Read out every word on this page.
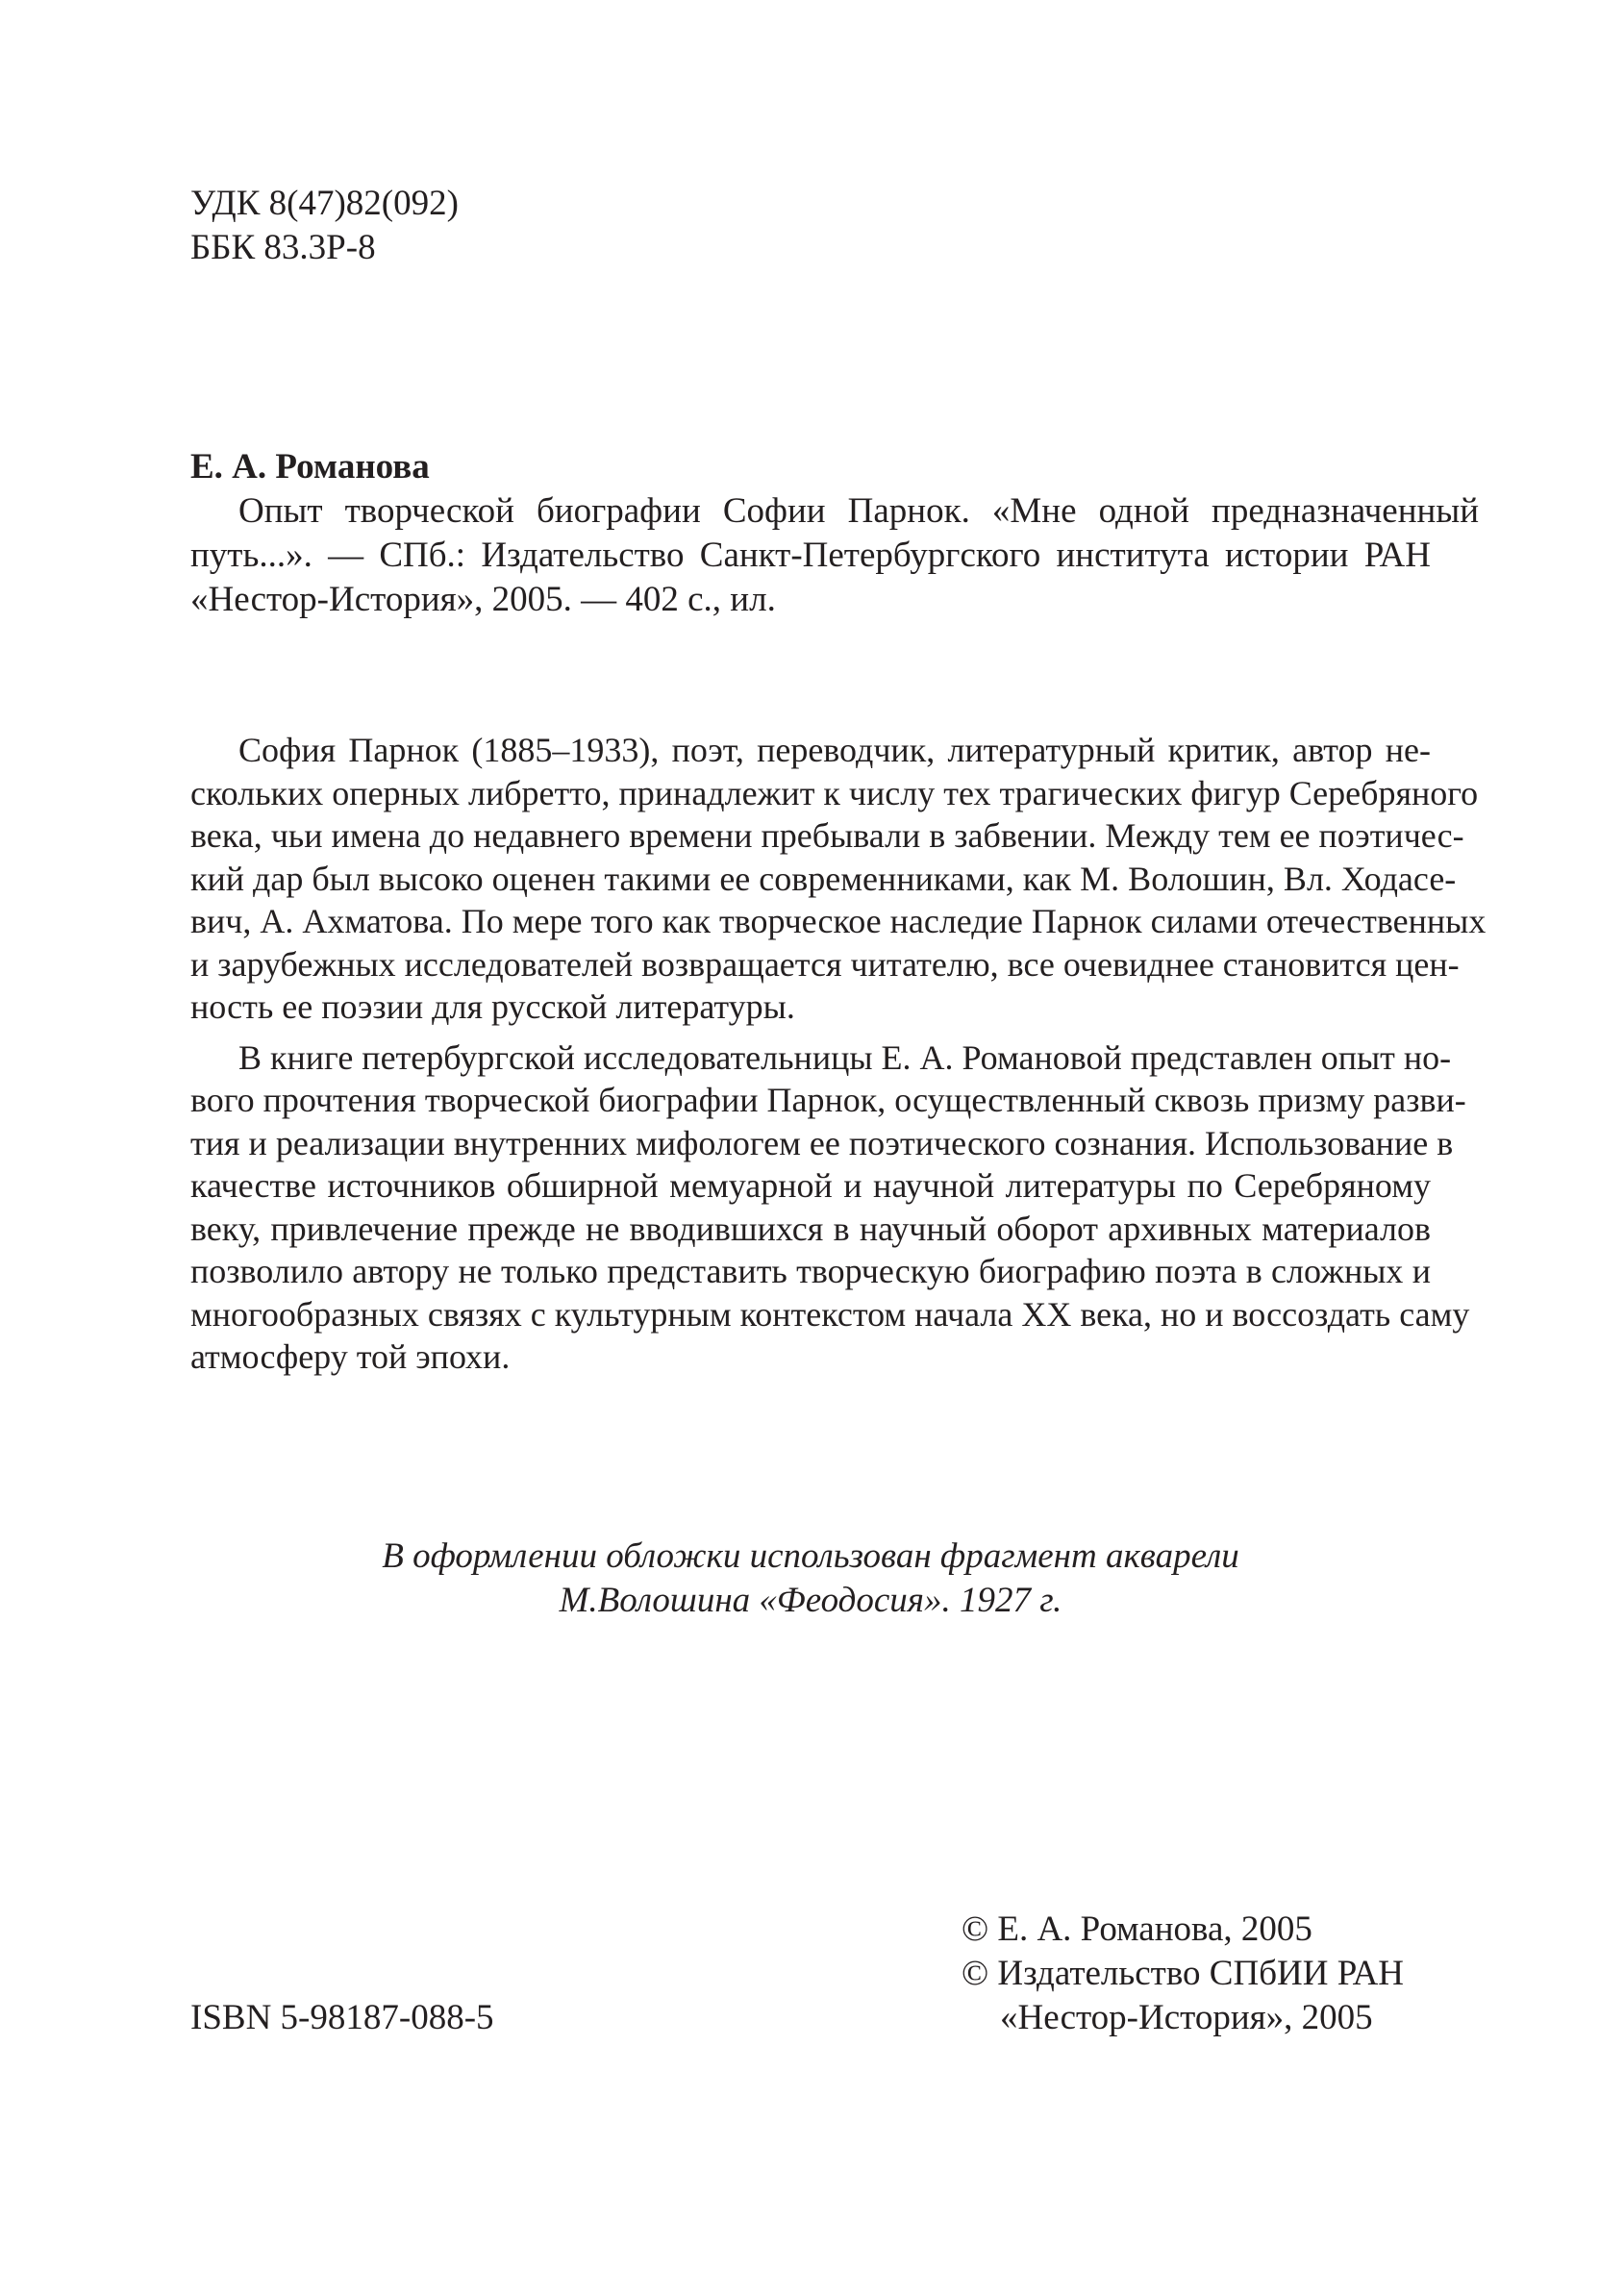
УДК 8(47)82(092)
ББК 83.3Р-8
Е. А. Романова
Опыт творческой биографии Софии Парнок. «Мне одной предназначенный
путь...». — СПб.: Издательство Санкт-Петербургского института истории РАН
«Нестор-История», 2005. — 402 с., ил.
София Парнок (1885–1933), поэт, переводчик, литературный критик, автор не-
скольких оперных либретто, принадлежит к числу тех трагических фигур Серебряного
века, чьи имена до недавнего времени пребывали в забвении. Между тем ее поэтичес-
кий дар был высоко оценен такими ее современниками, как М. Волошин, Вл. Ходасе-
вич, А. Ахматова. По мере того как творческое наследие Парнок силами отечественных
и зарубежных исследователей возвращается читателю, все очевиднее становится цен-
ность ее поэзии для русской литературы.
В книге петербургской исследовательницы Е. А. Романовой представлен опыт но-
вого прочтения творческой биографии Парнок, осуществленный сквозь призму разви-
тия и реализации внутренних мифологем ее поэтического сознания. Использование в
качестве источников обширной мемуарной и научной литературы по Серебряному
веку, привлечение прежде не вводившихся в научный оборот архивных материалов
позволило автору не только представить творческую биографию поэта в сложных и
многообразных связях с культурным контекстом начала XX века, но и воссоздать саму
атмосферу той эпохи.
В оформлении обложки использован фрагмент акварели
М.Волошина «Феодосия». 1927 г.
© Е. А. Романова, 2005
© Издательство СПбИИ РАН
«Нестор-История», 2005
ISBN 5-98187-088-5
